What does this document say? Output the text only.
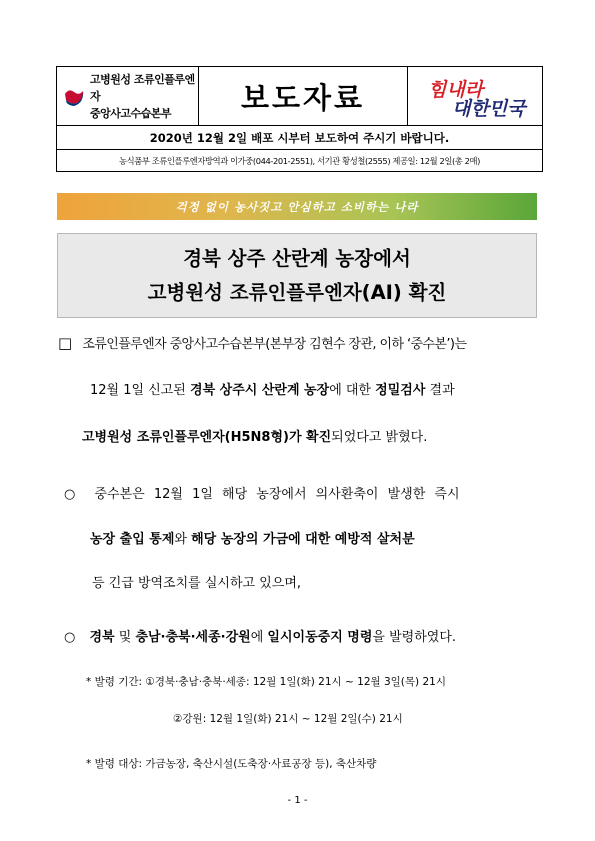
고병원성 조류인플루엔자
중앙사고수습본부	보도자료	힘내라
대한민국
2020년 12월 2일 배포 시부터 보도하여 주시기 바랍니다.
농식품부 조류인플루엔자방역과 이가중(044-201-2551), 서기관 황성철(2555) 제공일: 12월 2일(총 2매)
걱정 없이 농사짓고 안심하고 소비하는 나라
경북 상주 산란계 농장에서
고병원성 조류인플루엔자(AI) 확진
□ 조류인플루엔자 중앙사고수습본부(본부장 김현수 장관, 이하 ‘중수본’)는
12월 1일 신고된 경북 상주시 산란계 농장에 대한 정밀검사 결과
고병원성 조류인플루엔자(H5N8형)가 확진되었다고 밝혔다.
○ 중수본은 12월 1일 해당 농장에서 의사환축이 발생한 즉시
농장 출입 통제와 해당 농장의 가금에 대한 예방적 살처분
등 긴급 방역조치를 실시하고 있으며,
○ 경북 및 충남·충북·세종·강원에 일시이동중지 명령을 발령하였다.
* 발령 기간: ①경북·충남·충북·세종: 12월 1일(화) 21시 ~ 12월 3일(목) 21시
②강원: 12월 1일(화) 21시 ~ 12월 2일(수) 21시
* 발령 대상: 가금농장, 축산시설(도축장·사료공장 등), 축산차량
- 1 -
